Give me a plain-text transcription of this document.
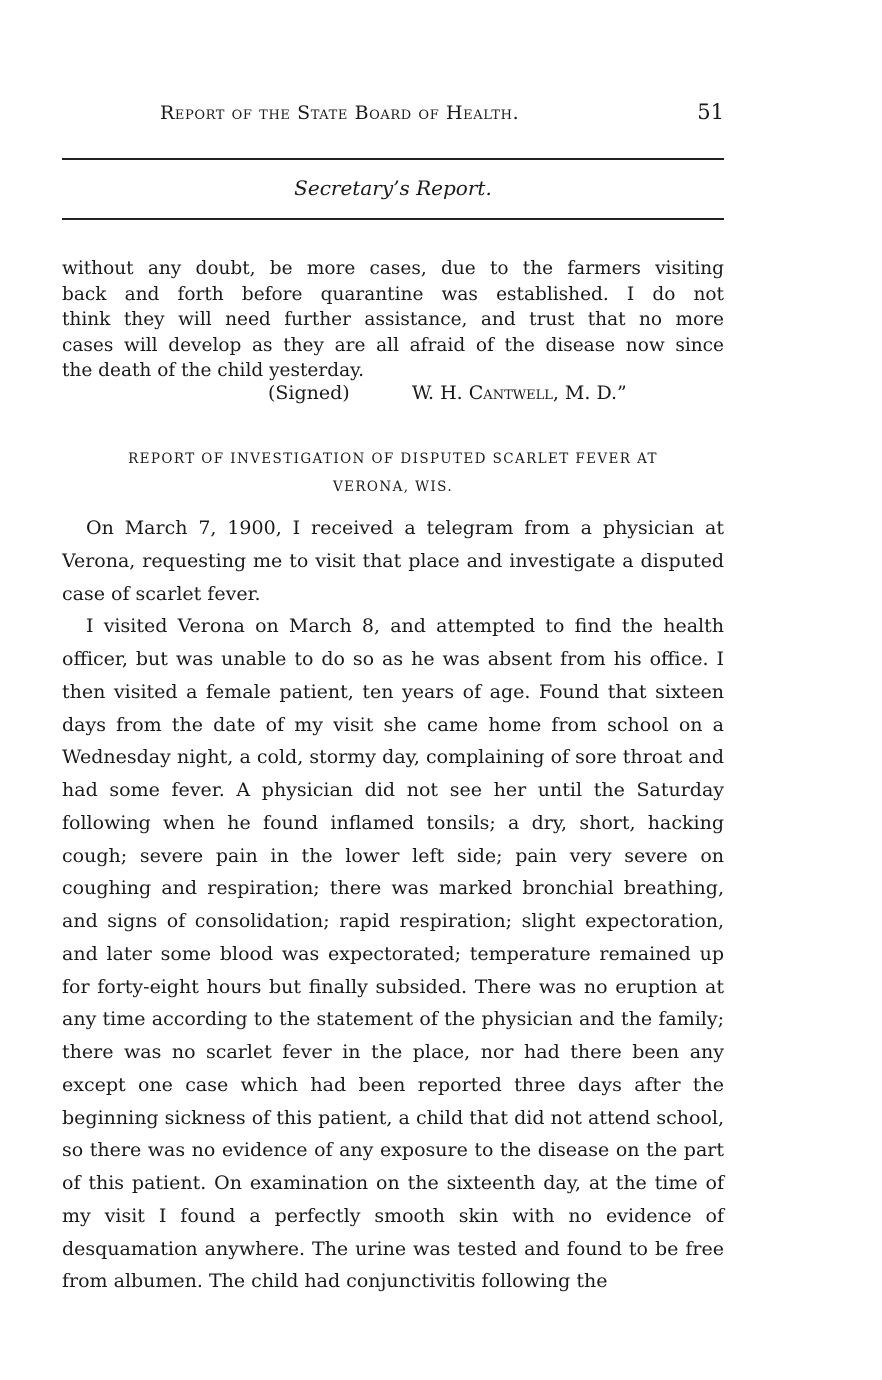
Report of the State Board of Health.	51
Secretary’s Report.

without any doubt, be more cases, due to the farmers visiting

back and forth before quarantine was established. I do not

think they will need further assistance, and trust that no more

cases will develop as they are all afraid of the disease now since

the death of the child yesterday.

(Signed)	W. H. Cantwell, M. D.”
REPORT OF INVESTIGATION OF DISPUTED SCARLET FEVER AT
VERONA, WIS.

On March 7, 1900, I received a telegram from a physician at Verona, requesting me to visit that place and investigate a disputed case of scarlet fever.

I visited Verona on March 8, and attempted to find the health officer, but was unable to do so as he was absent from his office. I then visited a female patient, ten years of age. Found that sixteen days from the date of my visit she came home from school on a Wednesday night, a cold, stormy day, complaining of sore throat and had some fever. A physician did not see her until the Saturday following when he found inflamed tonsils; a dry, short, hacking cough; severe pain in the lower left side; pain very severe on coughing and respiration; there was marked bronchial breathing, and signs of consolidation; rapid respiration; slight expectoration, and later some blood was expectorated; temperature remained up for forty-eight hours but finally subsided. There was no eruption at any time according to the statement of the physician and the family; there was no scarlet fever in the place, nor had there been any except one case which had been reported three days after the beginning sickness of this patient, a child that did not attend school, so there was no evidence of any exposure to the disease on the part of this patient. On examination on the sixteenth day, at the time of my visit I found a perfectly smooth skin with no evidence of desquamation anywhere. The urine was tested and found to be free from albumen. The child had conjunctivitis following the
